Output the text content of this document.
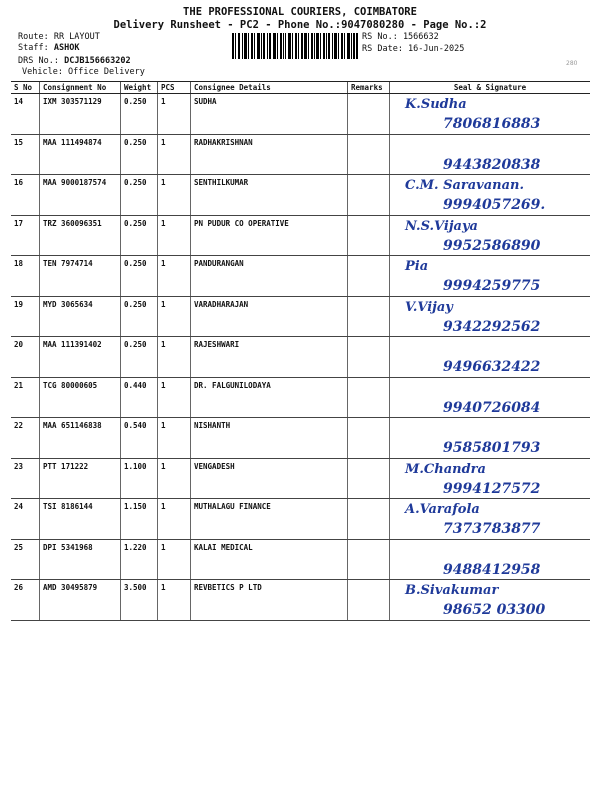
THE PROFESSIONAL COURIERS, COIMBATORE
Delivery Runsheet - PC2 - Phone No.:9047080280 - Page No.:2
Route: RR LAYOUT
Staff: ASHOK
DRS No.: DCJB156663202
Vehicle: Office Delivery
RS No.: 1566632
RS Date: 16-Jun-2025
280
S No	Consignment No	Weight	PCS	Consignee Details	Remarks	Seal & Signature
14	IXM 303571129	0.250	1	SUDHA		K.Sudha
7806816883

15	MAA 111494874	0.250	1	RADHAKRISHNAN		9443820838

16	MAA 9000187574	0.250	1	SENTHILKUMAR		C.M. Saravanan.
9994057269.

17	TRZ 360096351	0.250	1	PN PUDUR CO OPERATIVE		N.S.Vijaya
9952586890

18	TEN 7974714	0.250	1	PANDURANGAN		Pia
9994259775

19	MYD 3065634	0.250	1	VARADHARAJAN		V.Vijay
9342292562

20	MAA 111391402	0.250	1	RAJESHWARI		9496632422

21	TCG 80000605	0.440	1	DR. FALGUNILODAYA		9940726084

22	MAA 651146838	0.540	1	NISHANTH		9585801793

23	PTT 171222	1.100	1	VENGADESH		M.Chandra
9994127572

24	TSI 8186144	1.150	1	MUTHALAGU FINANCE		A.Varafola
7373783877

25	DPI 5341968	1.220	1	KALAI MEDICAL		9488412958

26	AMD 30495879	3.500	1	REVBETICS P LTD		B.Sivakumar
98652 03300
